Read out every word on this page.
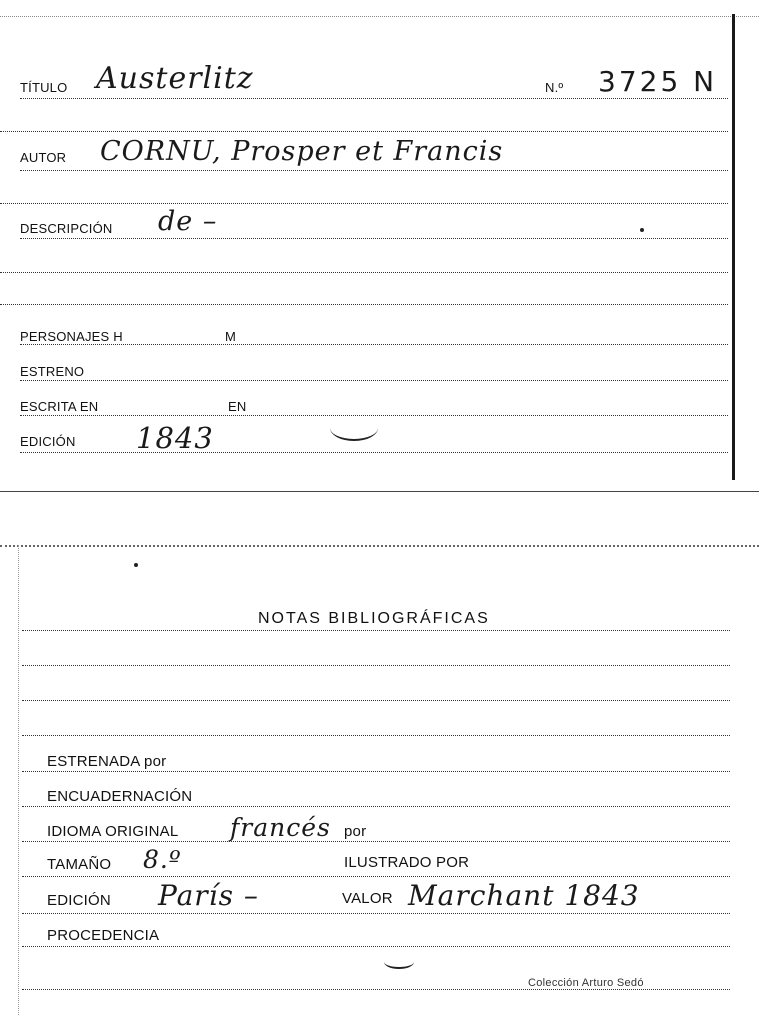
TÍTULO Austerlitz	N.º 3725 N
AUTOR CORNU, Prosper et Francis
DESCRIPCIÓN de –
PERSONAJES H	M
ESTRENO
ESCRITA EN	EN
EDICIÓN 1843
NOTAS BIBLIOGRÁFICAS
ESTRENADA por
ENCUADERNACIÓN
IDIOMA ORIGINAL francés por
TAMAÑO 8.º	ILUSTRADO POR
EDICIÓN París –	VALOR Marchant 1843
PROCEDENCIA
Colección Arturo Sedó
